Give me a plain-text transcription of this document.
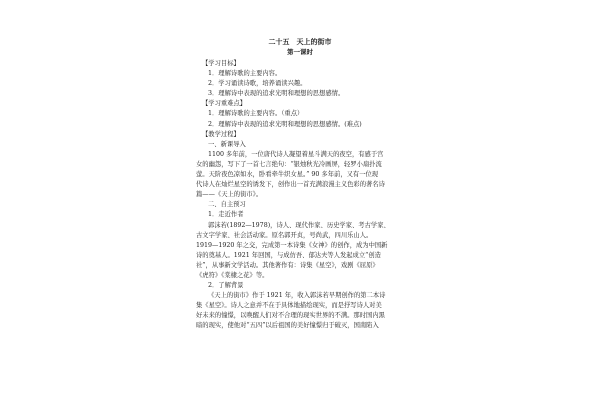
二十五　天上的街市
第一课时
【学习目标】
1．理解诗歌的主要内容。
2．学习诵读诗歌，培养诵读兴趣。
3．理解诗中表现的追求光明和理想的思想感情。
【学习重难点】
1．理解诗歌的主要内容。（重点）
2．理解诗中表现的追求光明和理想的思想感情。(难点)
【教学过程】
一、新课导入
1100 多年前，一位唐代诗人凝望着星斗满天的夜空，有感于宫
女的幽怨，写下了一首七言绝句：“银烛秋光冷画屏，轻罗小扇扑流
萤。天阶夜色凉如水，卧看牵牛织女星。” 90 多年前，又有一位现
代诗人在灿烂星空的诱发下，创作出一首充满浪漫主义色彩的著名诗
篇——《天上的街市》。
二、自主预习
1．走近作者
郭沫若(1892—1978)，诗人、现代作家、历史学家、考古学家、
古文字学家、社会活动家。原名郭开贞，号尚武，四川乐山人。
1919—1920 年之交，完成第一本诗集《女神》的创作，成为中国新
诗的奠基人。1921 年回国，与成仿吾、郁达夫等人发起成立“创造
社”，从事新文学活动。其他著作有：诗集《星空》，戏剧《屈原》
《虎符》《棠棣之花》等。
2．了解背景
《天上的街市》作于 1921 年，收入郭沫若早期创作的第二本诗
集《星空》。诗人之意并不在于具体地描绘现实，而是抒写诗人对美
好未来的憧憬，以唤醒人们对不合理的现实世界的不满。那时国内黑
暗的现实，使他对“五四”以后祖国的美好憧憬归于破灭，国南陷入
